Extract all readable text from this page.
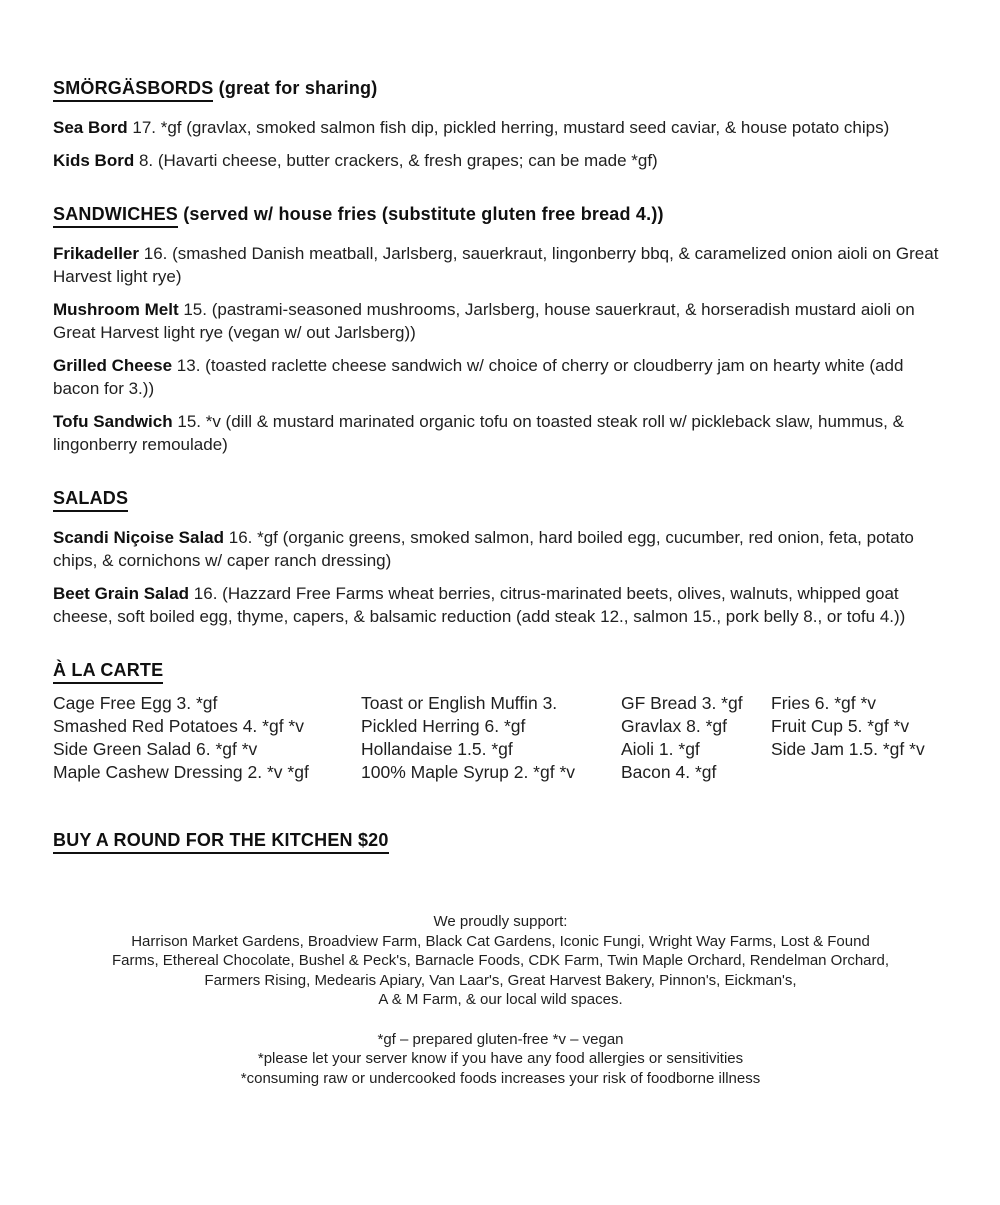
SMÖRGÄSBORDS (great for sharing)

Sea Bord 17. *gf (gravlax, smoked salmon fish dip, pickled herring, mustard seed caviar, & house potato chips)

Kids Bord 8. (Havarti cheese, butter crackers, & fresh grapes; can be made *gf)

SANDWICHES (served w/ house fries (substitute gluten free bread 4.))

Frikadeller 16. (smashed Danish meatball, Jarlsberg, sauerkraut, lingonberry bbq, & caramelized onion aioli on Great Harvest light rye)

Mushroom Melt 15. (pastrami-seasoned mushrooms, Jarlsberg, house sauerkraut, & horseradish mustard aioli on Great Harvest light rye (vegan w/ out Jarlsberg))

Grilled Cheese 13. (toasted raclette cheese sandwich w/ choice of cherry or cloudberry jam on hearty white (add bacon for 3.))

Tofu Sandwich 15. *v (dill & mustard marinated organic tofu on toasted steak roll w/ pickleback slaw, hummus, & lingonberry remoulade)

SALADS

Scandi Niçoise Salad 16. *gf (organic greens, smoked salmon, hard boiled egg, cucumber, red onion, feta, potato chips, & cornichons w/ caper ranch dressing)

Beet Grain Salad 16. (Hazzard Free Farms wheat berries, citrus-marinated beets, olives, walnuts, whipped goat cheese, soft boiled egg, thyme, capers, & balsamic reduction (add steak 12., salmon 15., pork belly 8., or tofu 4.))

À LA CARTE
Cage Free Egg 3. *gf
Smashed Red Potatoes 4. *gf *v
Side Green Salad 6. *gf *v
Maple Cashew Dressing 2. *v *gf
Toast or English Muffin 3.
Pickled Herring 6. *gf
Hollandaise 1.5. *gf
100% Maple Syrup 2. *gf *v
GF Bread 3. *gf
Gravlax 8. *gf
Aioli 1. *gf
Bacon 4. *gf
Fries 6. *gf *v
Fruit Cup 5. *gf *v
Side Jam 1.5. *gf *v
BUY A ROUND FOR THE KITCHEN $20
We proudly support:
Harrison Market Gardens, Broadview Farm, Black Cat Gardens, Iconic Fungi, Wright Way Farms, Lost & Found
Farms, Ethereal Chocolate, Bushel & Peck's, Barnacle Foods, CDK Farm, Twin Maple Orchard, Rendelman Orchard,
Farmers Rising, Medearis Apiary, Van Laar's, Great Harvest Bakery, Pinnon's, Eickman's,
A & M Farm, & our local wild spaces.
*gf – prepared gluten-free *v – vegan
*please let your server know if you have any food allergies or sensitivities
*consuming raw or undercooked foods increases your risk of foodborne illness
